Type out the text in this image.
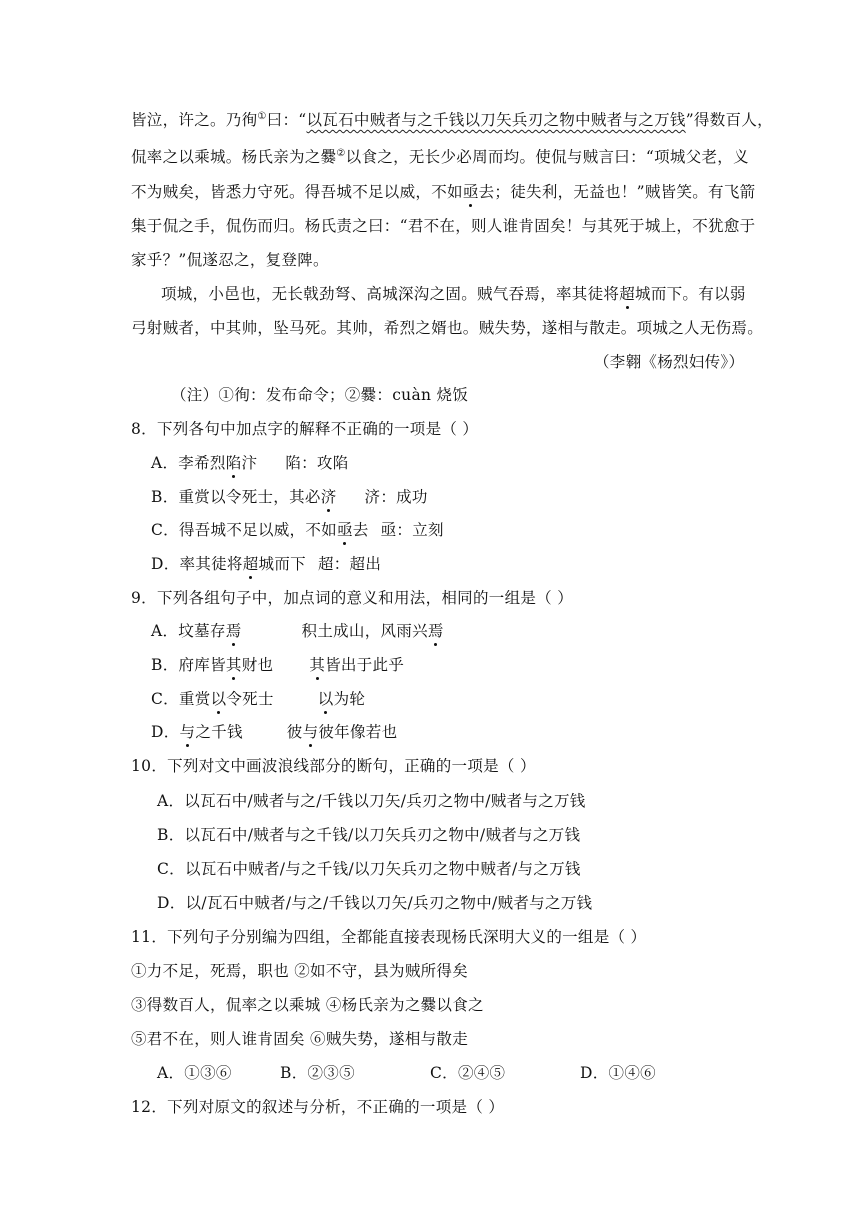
皆泣，许之。乃徇①曰：“以瓦石中贼者与之千钱以刀矢兵刃之物中贼者与之万钱”得数百人，
侃率之以乘城。杨氏亲为之爨②以食之，无长少必周而均。使侃与贼言曰：“项城父老，义
不为贼矣，皆悉力守死。得吾城不足以威，不如亟去；徒失利，无益也！”贼皆笑。有飞箭
集于侃之手，侃伤而归。杨氏责之曰：“君不在，则人谁肯固矣！与其死于城上，不犹愈于
家乎？”侃遂忍之，复登陴。
项城，小邑也，无长戟劲弩、高城深沟之固。贼气吞焉，率其徒将超城而下。有以弱
弓射贼者，中其帅，坠马死。其帅，希烈之婿也。贼失势，遂相与散走。项城之人无伤焉。
（李翱《杨烈妇传》）
（注）①徇：发布命令；②爨：cuàn 烧饭
8．下列各句中加点字的解释不正确的一项是（ ）
A．李希烈陷汴 陷：攻陷
B．重赏以令死士，其必济 济：成功
C．得吾城不足以威，不如亟去 亟：立刻
D．率其徒将超城而下 超：超出
9．下列各组句子中，加点词的意义和用法，相同的一组是（ ）
A．坟墓存焉	积土成山，风雨兴焉
B．府库皆其财也 其皆出于此乎
C．重赏以令死士	以为轮
D．与之千钱	彼与彼年像若也
10．下列对文中画波浪线部分的断句，正确的一项是（ ）
A．以瓦石中/贼者与之/千钱以刀矢/兵刃之物中/贼者与之万钱
B．以瓦石中/贼者与之千钱/以刀矢兵刃之物中/贼者与之万钱
C．以瓦石中贼者/与之千钱/以刀矢兵刃之物中贼者/与之万钱
D．以/瓦石中贼者/与之/千钱以刀矢/兵刃之物中/贼者与之万钱
11．下列句子分别编为四组，全都能直接表现杨氏深明大义的一组是（ ）
①力不足，死焉，职也 ②如不守，县为贼所得矣
③得数百人，侃率之以乘城 ④杨氏亲为之爨以食之
⑤君不在，则人谁肯固矣 ⑥贼失势，遂相与散走
A．①③⑥	B．②③⑤	C．②④⑤	D．①④⑥
12．下列对原文的叙述与分析，不正确的一项是（ ）
